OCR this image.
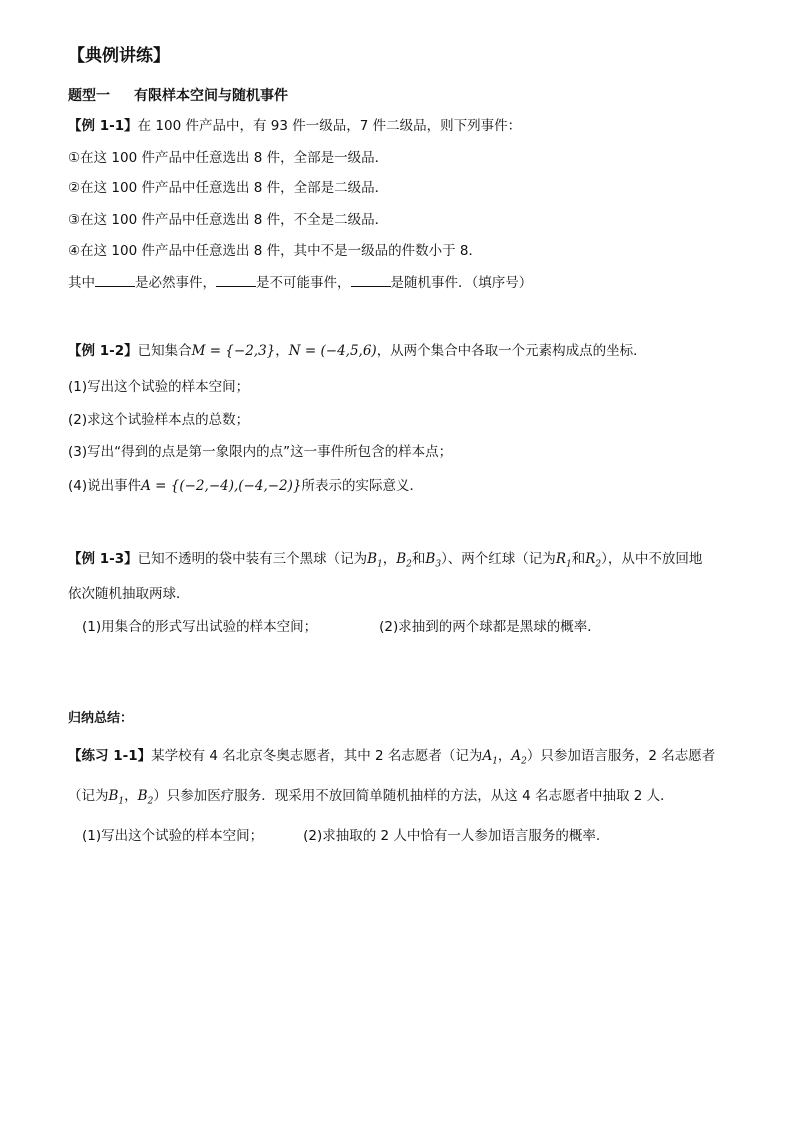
【典例讲练】
题型一 有限样本空间与随机事件
【例 1-1】在 100 件产品中，有 93 件一级品，7 件二级品，则下列事件：
①在这 100 件产品中任意选出 8 件，全部是一级品．
②在这 100 件产品中任意选出 8 件，全部是二级品．
③在这 100 件产品中任意选出 8 件，不全是二级品．
④在这 100 件产品中任意选出 8 件，其中不是一级品的件数小于 8．
其中	是必然事件，	是不可能事件，	是随机事件．（填序号）
【例 1-2】已知集合M = {−2,3}，N = (−4,5,6)，从两个集合中各取一个元素构成点的坐标．
(1)写出这个试验的样本空间；
(2)求这个试验样本点的总数；
(3)写出“得到的点是第一象限内的点”这一事件所包含的样本点；
(4)说出事件A = {(−2,−4),(−4,−2)}所表示的实际意义．
【例 1-3】已知不透明的袋中装有三个黑球（记为$B_1$，$B_2$和$B_3$）、两个红球（记为$R_1$和$R_2$），从中不放回地
依次随机抽取两球．
(1)用集合的形式写出试验的样本空间；	(2)求抽到的两个球都是黑球的概率．
归纳总结：
【练习 1-1】某学校有 4 名北京冬奥志愿者，其中 2 名志愿者（记为$A_1$，$A_2$）只参加语言服务，2 名志愿者
（记为$B_1$，$B_2$）只参加医疗服务．现采用不放回简单随机抽样的方法，从这 4 名志愿者中抽取 2 人．
(1)写出这个试验的样本空间；	(2)求抽取的 2 人中恰有一人参加语言服务的概率.
